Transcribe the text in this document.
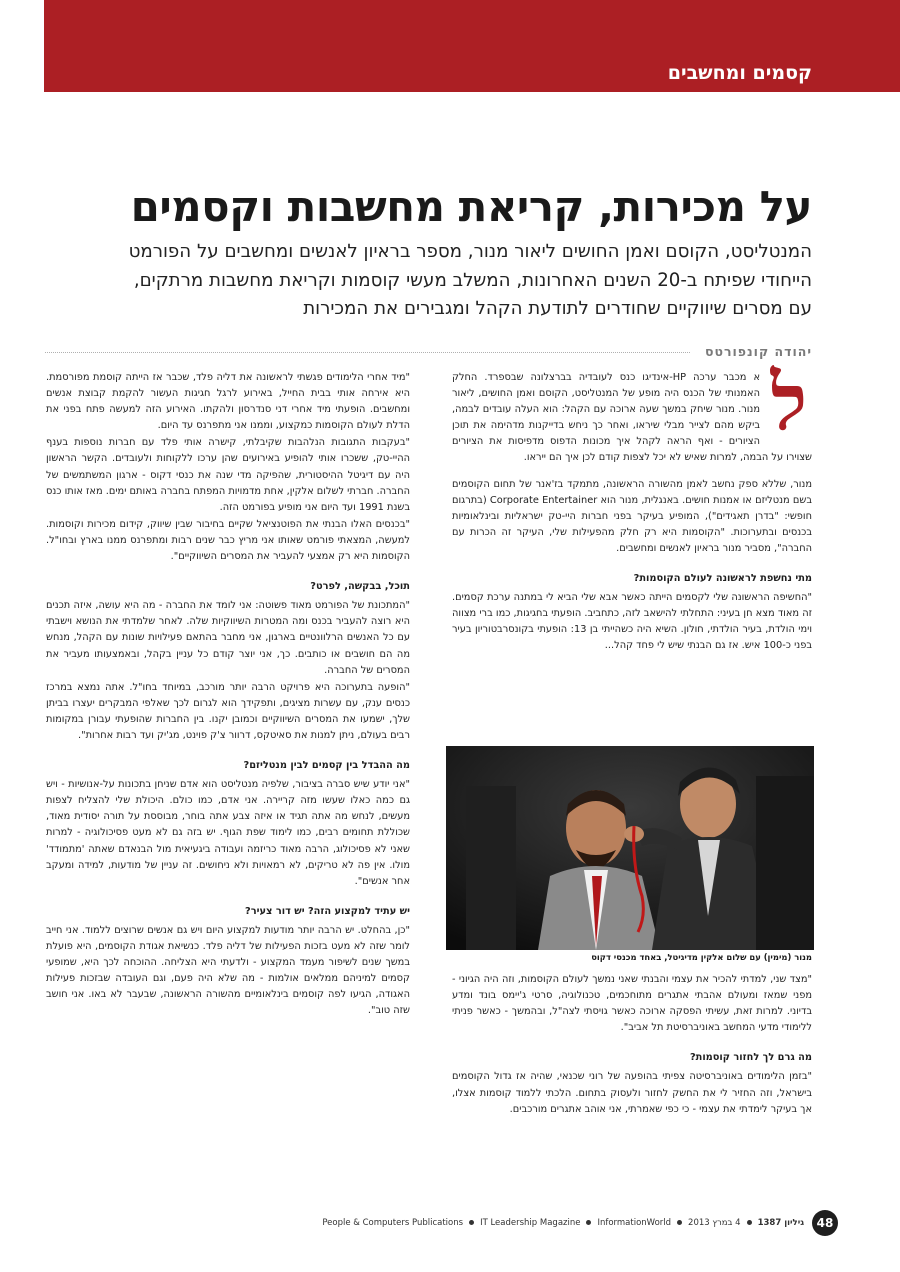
קסמים ומחשבים
על מכירות, קריאת מחשבות וקסמים

המנטליסט, הקוסם ואמן החושים ליאור מנור, מספר בראיון לאנשים ומחשבים על הפורמט

הייחודי שפיתח ב-20 השנים האחרונות, המשלב מעשי קוסמות וקריאת מחשבות מרתקים,

עם מסרים שיווקיים שחודרים לתודעת הקהל ומגבירים את המכירות

יהודה קונפורטס
ל

א מכבר ערכה HP-אינדיגו כנס לעובדיה בברצלונה שבספרד. החלק האמנותי של הכנס היה מופע של המנטליסט, הקוסם ואמן החושים, ליאור מנור. מנור שיחק במשך שעה ארוכה עם הקהל: הוא העלה עובדים לבמה, ביקש מהם לצייר מבלי שיראו, ואחר כך ניחש בדייקנות מדהימה את תוכן הציורים - ואף הראה לקהל איך מכונות הדפוס מדפיסות את הציורים שצוירו על הבמה, למרות שאיש לא יכל לצפות קודם לכן איך הם ייראו.

מנור, שללא ספק נחשב לאמן מהשורה הראשונה, מתמקד בז'אנר של תחום הקוסמים בשם מנטליזם או אמנות חושים. באנגלית, מנור הוא Corporate Entertainer (בתרגום חופשי: "בדרן תאגידים"), המופיע בעיקר בפני חברות היי-טק ישראליות ובינלאומיות בכנסים ובתערוכות. "הקוסמות היא רק חלק מהפעילות שלי, העיקר זה הכרות עם החברה", מסביר מנור בראיון לאנשים ומחשבים.

מתי נחשפת לראשונה לעולם הקוסמות?

"החשיפה הראשונה שלי לקסמים הייתה כאשר אבא שלי הביא לי במתנה ערכת קסמים. זה מאוד מצא חן בעיני: התחלתי להישאב לזה, כתחביב. הופעתי בחגיגות, כמו ברי מצווה וימי הולדת, בעיר הולדתי, חולון. השיא היה כשהייתי בן 13: הופעתי בקונסרבטוריון בעיר בפני כ-100 איש. אז גם הבנתי שיש לי פחד קהל...

מנור (מימין) עם שלום אלקין מדיגיטל, באחד מכנסי דקוס

"מצד שני, למדתי להכיר את עצמי והבנתי שאני נמשך לעולם הקוסמות, וזה היה הגיוני - מפני שמאז ומעולם אהבתי אתגרים מתוחכמים, טכנולוגיה, סרטי ג'יימס בונד ומדע בדיוני. למרות זאת, עשיתי הפסקה ארוכה כאשר גויסתי לצה"ל, ובהמשך - כאשר פניתי ללימודי מדעי המחשב באוניברסיטת תל אביב".

מה גרם לך לחזור קוסמות?

"בזמן הלימודים באוניברסיטה צפיתי בהופעה של רוני שכנאי, שהיה אז גדול הקוסמים בישראל, וזה החזיר לי את החשק לחזור ולעסוק בתחום. הלכתי ללמוד קוסמות אצלו, אך בעיקר לימדתי את עצמי - כי כפי שאמרתי, אני אוהב אתגרים מורכבים.

"מיד אחרי הלימודים פגשתי לראשונה את דליה פלד, שכבר אז הייתה קוסמת מפורסמת. היא אירחה אותי בבית החייל, באירוע לרגל חגיגות העשור להקמת קבוצת אנשים ומחשבים. הופעתי מיד אחרי דני סנדרסון ולהקתו. האירוע הזה למעשה פתח בפני את הדלת לעולם הקוסמות כמקצוע, וממנו אני מתפרנס עד היום.

"בעקבות התגובות הנלהבות שקיבלתי, קישרה אותי פלד עם חברות נוספות בענף ההיי-טק, ששכרו אותי להופיע באירועים שהן ערכו ללקוחות ולעובדים. הקשר הראשון היה עם דיגיטל ההיסטורית, שהפיקה מדי שנה את כנסי דקוס - ארגון המשתמשים של החברה. חברתי לשלום אלקין, אחת מדמויות המפתח בחברה באותם ימים. מאז אותו כנס בשנת 1991 ועד היום אני מופיע בפורמט הזה.

"בכנסים האלו הבנתי את הפוטנציאל שקיים בחיבור שבין שיווק, קידום מכירות וקוסמות. למעשה, המצאתי פורמט שאותו אני מריץ כבר שנים רבות ומתפרנס ממנו בארץ ובחו"ל. הקוסמות היא רק אמצעי להעביר את המסרים השיווקיים".

תוכל, בבקשה, לפרט?

"המתכונת של הפורמט מאוד פשוטה: אני לומד את החברה - מה היא עושה, איזה תכנים היא רוצה להעביר בכנס ומה המטרות השיווקיות שלה. לאחר שלמדתי את הנושא וישבתי עם כל האנשים הרלוונטיים בארגון, אני מחבר בהתאם פעילויות שונות עם הקהל, מנחש מה הם חושבים או כותבים. כך, אני יוצר קודם כל עניין בקהל, ובאמצעותו מעביר את המסרים של החברה.

"הופעה בתערוכה היא פרויקט הרבה יותר מורכב, במיוחד בחו"ל. אתה נמצא במרכז כנסים ענק, עם עשרות מציגים, ותפקידך הוא לגרום לכך שאלפי המבקרים יעצרו בביתן שלך, ישמעו את המסרים השיווקיים וכמובן יקנו. בין החברות שהופעתי עבורן במקומות רבים בעולם, ניתן למנות את סאיטקס, דרוור צ'ק פוינט, מג'יק ועד רבות אחרות".

מה ההבדל בין קסמים לבין מנטליזם?

"אני יודע שיש סברה בציבור, שלפיה מנטליסט הוא אדם שניחן בתכונות על-אנושיות - ויש גם כמה כאלו שעשו מזה קריירה. אני אדם, כמו כולם. היכולת שלי להצליח לצפות מעשים, לנחש מה אתה תגיד או איזה צבע אתה בוחר, מבוססת על תורה יסודית מאוד, שכוללת תחומים רבים, כמו לימוד שפת הגוף. יש בזה גם לא מעט פסיכולוגיה - למרות שאני לא פסיכולוג, הרבה מאוד כריזמה ועבודה ביגעיאית מול הבנאדם שאתה 'מתמודד' מולו. אין פה לא טריקים, לא רמאויות ולא ניחושים. זה עניין של מודעות, למידה ומעקב אחר אנשים".

יש עתיד למקצוע הזה? יש דור צעיר?

"כן, בהחלט. יש הרבה יותר מודעות למקצוע היום ויש גם אנשים שרוצים ללמוד. אני חייב לומר שזה לא מעט בזכות הפעילות של דליה פלד. כנשיאת אגודת הקוסמים, היא פועלת במשך שנים לשיפור מעמד המקצוע - ולדעתי היא הצליחה. ההוכחה לכך היא, שמופעי קסמים למיניהם ממלאים אולמות - מה שלא היה פעם, וגם העובדה שבזכות פעילות האגודה, הגיעו לפה קוסמים בינלאומיים מהשורה הראשונה, שבעבר לא באו. אני חושב שזה טוב".

People & Computers Publications IT Leadership Magazine InformationWorld 4 במרץ 2013 גיליון 1387	48
